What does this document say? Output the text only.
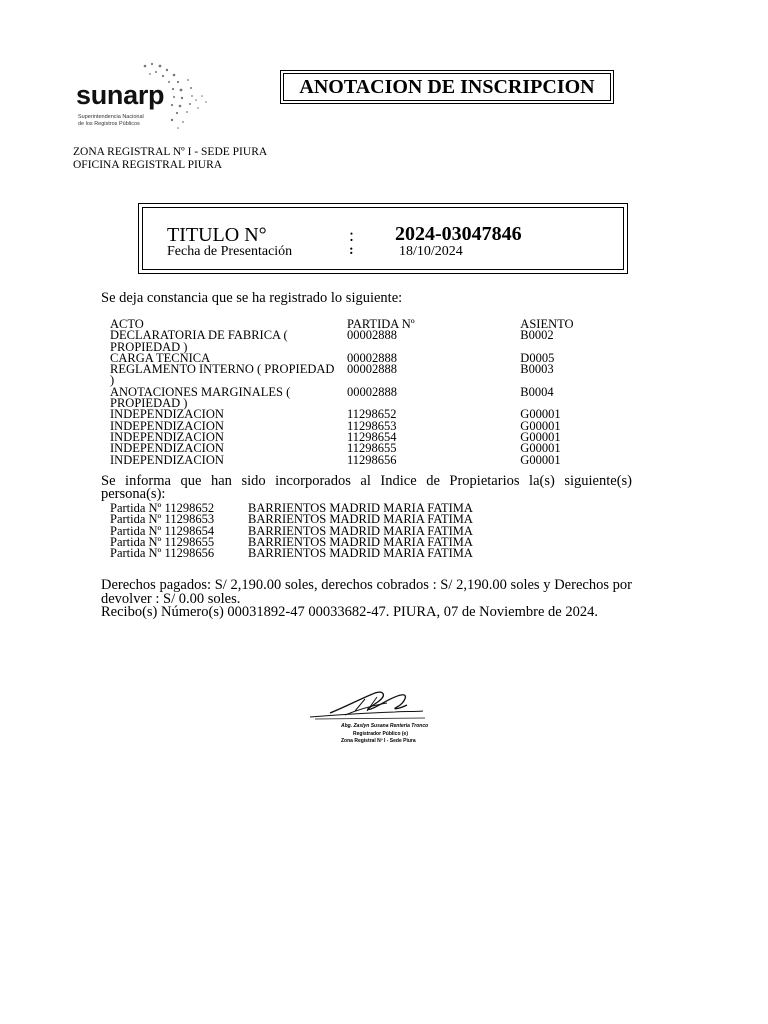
sunarp
Superintendencia Nacional
de los Registros Públicos
ANOTACION DE INSCRIPCION
ZONA REGISTRAL Nº I - SEDE PIURA
OFICINA REGISTRAL PIURA
TITULO N°	: 2024-03047846
Fecha de Presentación	:	18/10/2024
Se deja constancia que se ha registrado lo siguiente:
ACTO	PARTIDA Nº	ASIENTO
DECLARATORIA DE FABRICA (	00002888	B0002
PROPIEDAD )
CARGA TECNICA	00002888	D0005
REGLAMENTO INTERNO ( PROPIEDAD	00002888	B0003
)
ANOTACIONES MARGINALES (	00002888	B0004
PROPIEDAD )
INDEPENDIZACION	11298652	G00001
INDEPENDIZACION	11298653	G00001
INDEPENDIZACION	11298654	G00001
INDEPENDIZACION	11298655	G00001
INDEPENDIZACION	11298656	G00001
Se informa que han sido incorporados al Indice de Propietarios la(s) siguiente(s) persona(s):
Partida Nº 11298652	BARRIENTOS MADRID MARIA FATIMA
Partida Nº 11298653	BARRIENTOS MADRID MARIA FATIMA
Partida Nº 11298654	BARRIENTOS MADRID MARIA FATIMA
Partida Nº 11298655	BARRIENTOS MADRID MARIA FATIMA
Partida Nº 11298656	BARRIENTOS MADRID MARIA FATIMA
Derechos pagados: S/ 2,190.00 soles, derechos cobrados : S/ 2,190.00 soles y Derechos por devolver : S/ 0.00 soles.
Recibo(s) Número(s) 00031892-47 00033682-47. PIURA, 07 de Noviembre de 2024.
Abg. Zaslyn Susana Renteria Tronco
Registrador Público (e)
Zona Registral Nº I - Sede Piura
